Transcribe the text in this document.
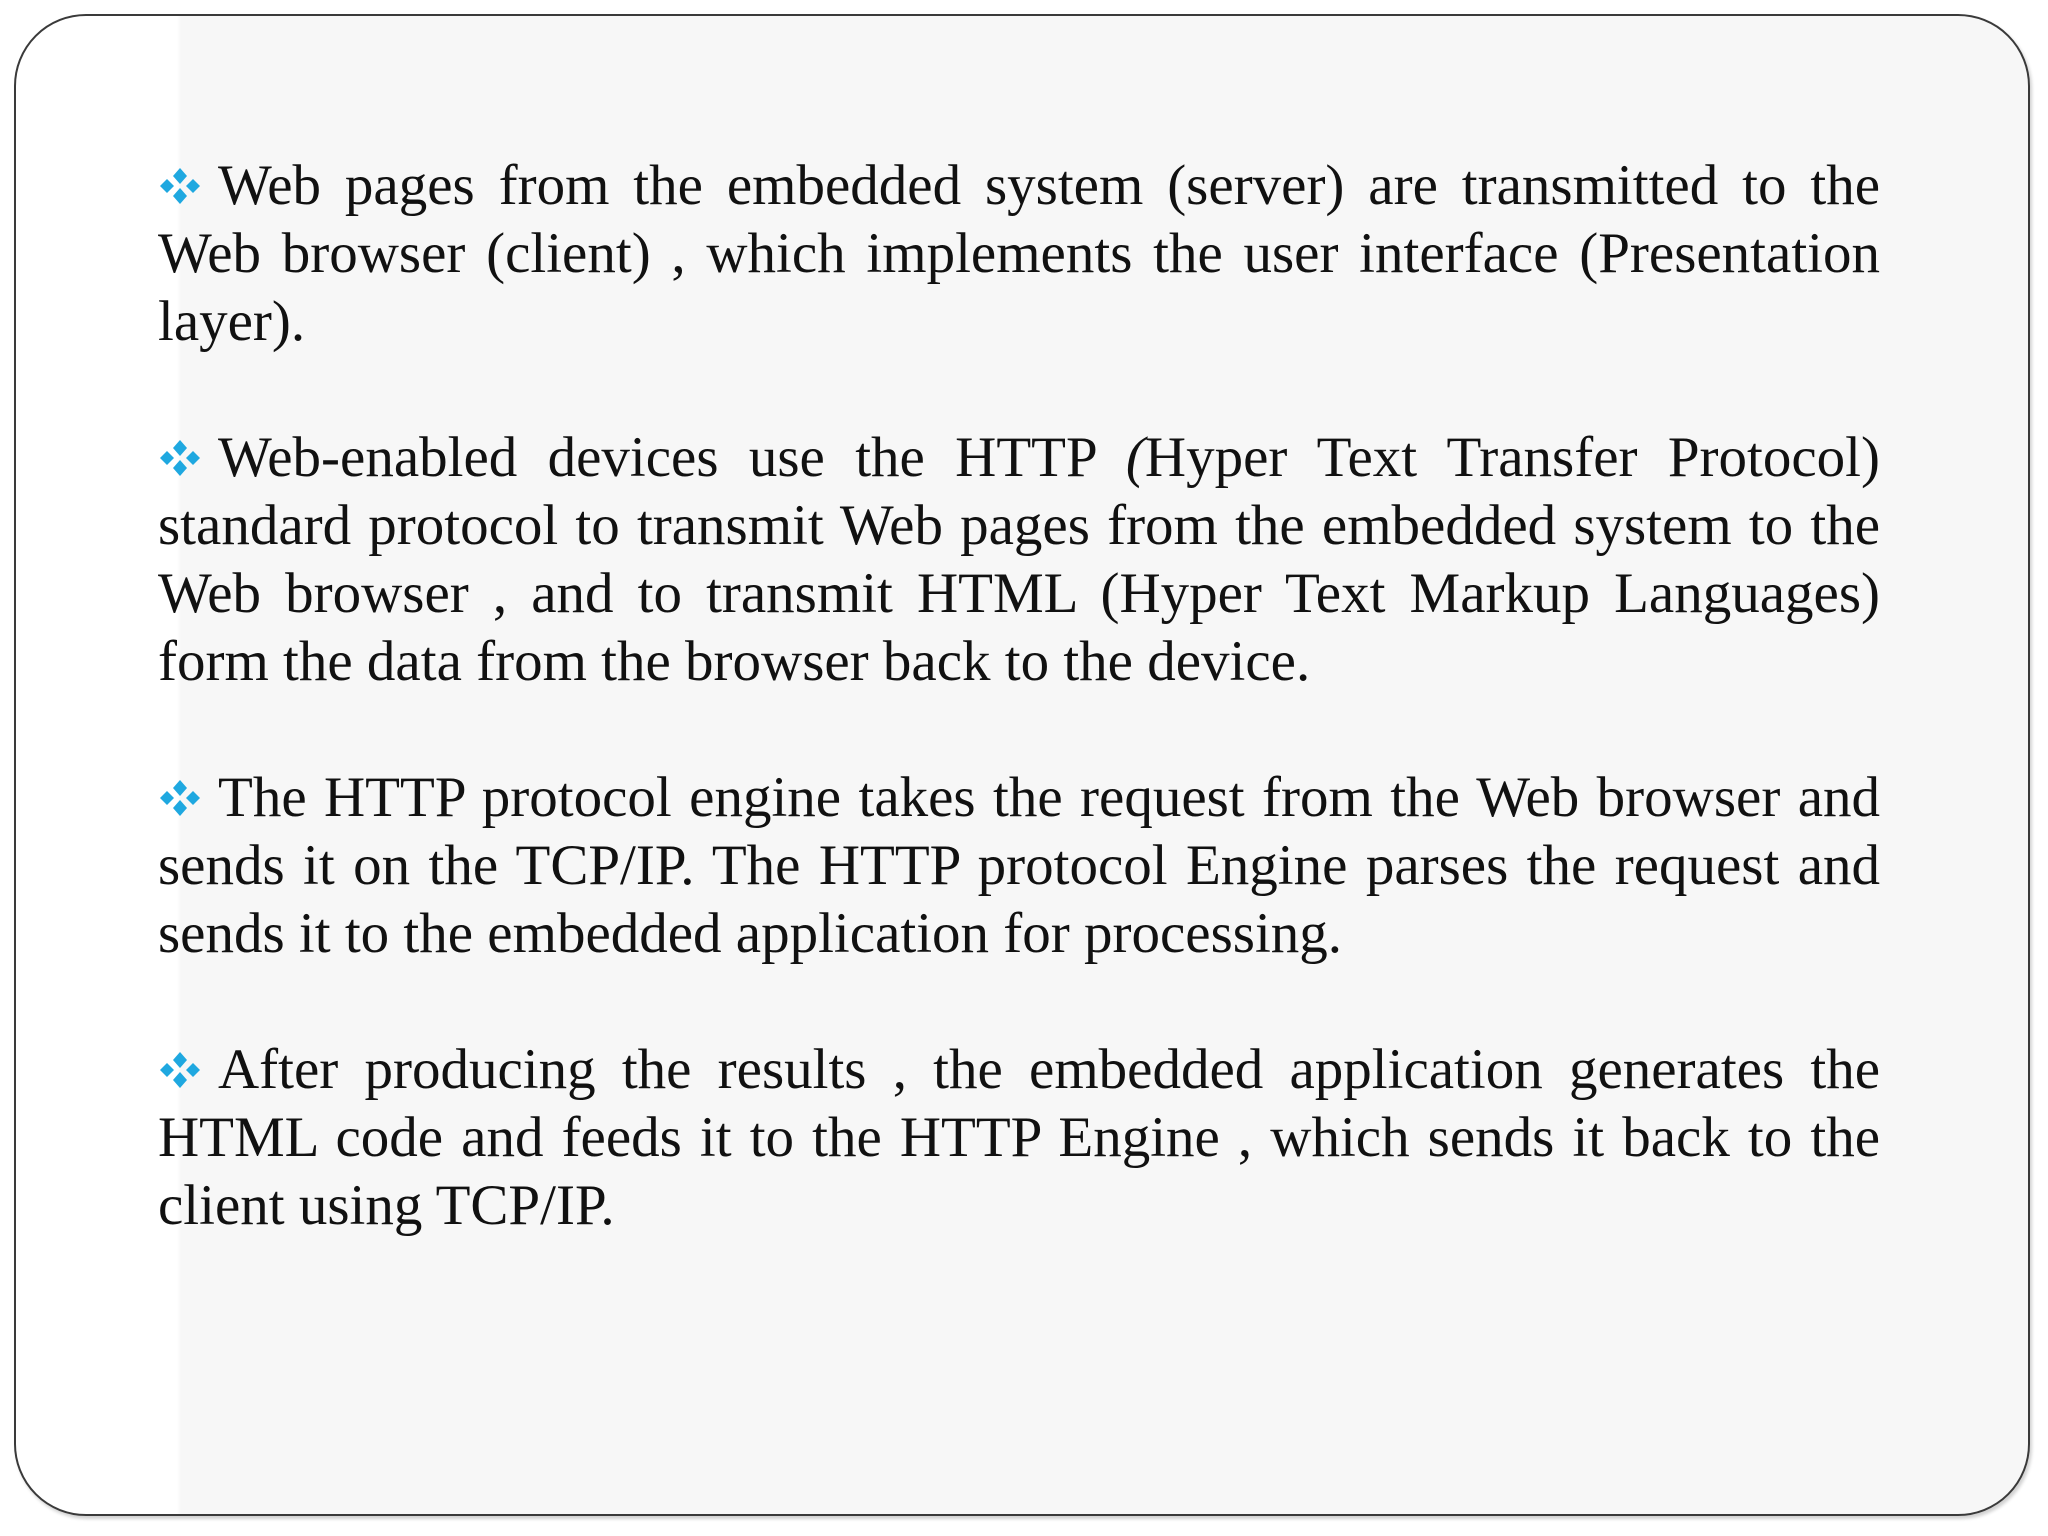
Web pages from the embedded system (server) are transmitted to the Web browser (client) , which implements the user interface (Presentation layer).

Web-enabled devices use the HTTP (Hyper Text Transfer Protocol) standard protocol to transmit Web pages from the embedded system to the Web browser , and to transmit HTML (Hyper Text Markup Languages) form the data from the browser back to the device.

The HTTP protocol engine takes the request from the Web browser and sends it on the TCP/IP. The HTTP protocol Engine parses the request and sends it to the embedded application for processing.

After producing the results , the embedded application generates the HTML code and feeds it to the HTTP Engine , which sends it back to the client using TCP/IP.
